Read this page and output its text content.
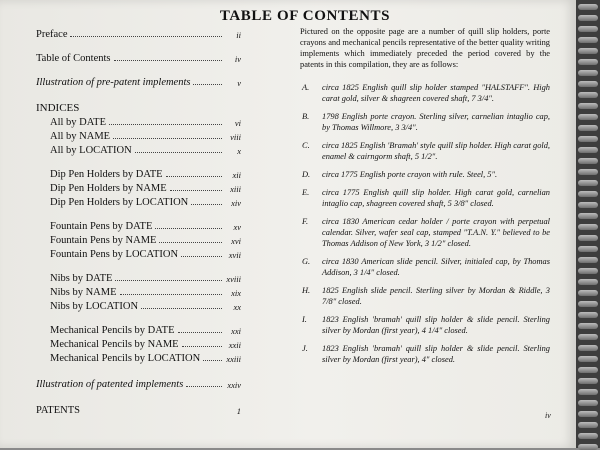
TABLE OF CONTENTS
Preface	ii
Table of Contents	iv
Illustration of pre-patent implements	v
INDICES
All by DATE	vi
All by NAME	viii
All by LOCATION	x
Dip Pen Holders by DATE	xii
Dip Pen Holders by NAME	xiii
Dip Pen Holders by LOCATION	xiv
Fountain Pens by DATE	xv
Fountain Pens by NAME	xvi
Fountain Pens by LOCATION	xvii
Nibs by DATE	xviii
Nibs by NAME	xix
Nibs by LOCATION	xx
Mechanical Pencils by DATE	xxi
Mechanical Pencils by NAME	xxii
Mechanical Pencils by LOCATION	xxiii
Illustration of patented implements	xxiv
PATENTS	1
Pictured on the opposite page are a number of quill slip holders, porte crayons and mechanical pencils representative of the better quality writing implements which immediately preceded the period covered by the patents in this compilation, they are as follows:
A.	circa 1825 English quill slip holder stamped "HALSTAFF". High carat gold, silver & shagreen covered shaft, 7 3/4".
B.	1798 English porte crayon. Sterling silver, carnelian intaglio cap, by Thomas Willmore, 3 3/4".
C.	circa 1825 English 'Bramah' style quill slip holder. High carat gold, enamel & cairngorm shaft, 5 1/2".
D.	circa 1775 English porte crayon with rule. Steel, 5".
E.	circa 1775 English quill slip holder. High carat gold, carnelian intaglio cap, shagreen covered shaft, 5 3/8" closed.
F.	circa 1830 American cedar holder / porte crayon with perpetual calendar. Silver, wafer seal cap, stamped "T.A.N. Y." believed to be Thomas Addison of New York, 3 1/2" closed.
G.	circa 1830 American slide pencil. Silver, initialed cap, by Thomas Addison, 3 1/4" closed.
H.	1825 English slide pencil. Sterling silver by Mordan & Riddle, 3 7/8" closed.
I.	1823 English 'bramah' quill slip holder & slide pencil. Sterling silver by Mordan (first year), 4 1/4" closed.
J.	1823 English 'bramah' quill slip holder & slide pencil. Sterling silver by Mordan (first year), 4" closed.
iv
